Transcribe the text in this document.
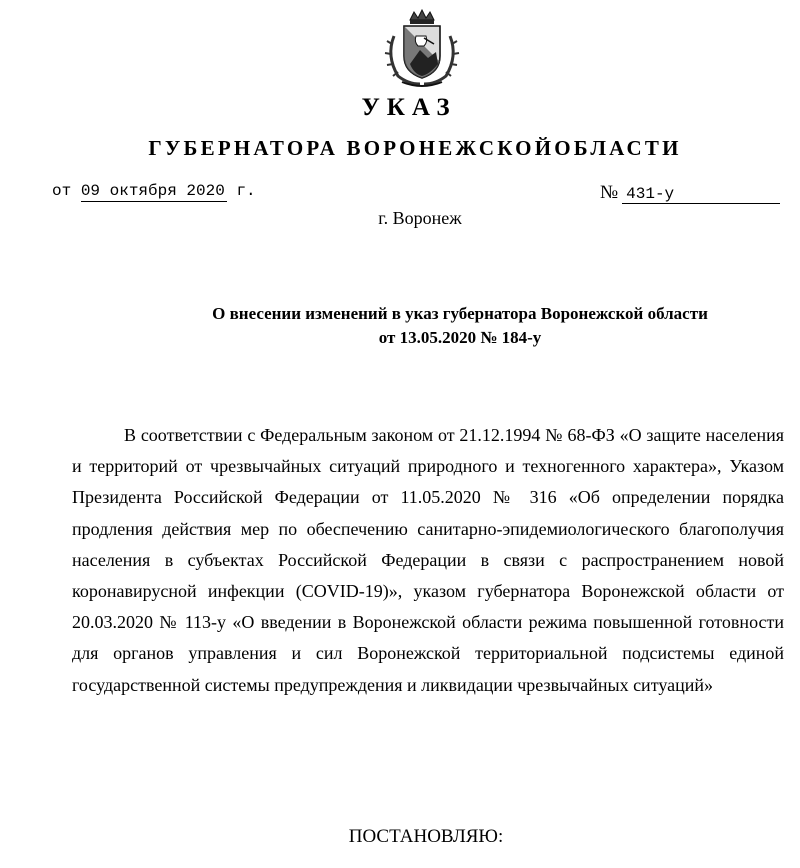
УКАЗ
ГУБЕРНАТОРА ВОРОНЕЖСКОЙОБЛАСТИ
от 09 октября 2020 г.	№ 431-у
г. Воронеж
О внесении изменений в указ губернатора Воронежской области
от 13.05.2020 № 184-у

В соответствии с Федеральным законом от 21.12.1994 № 68-ФЗ «О защите населения и территорий от чрезвычайных ситуаций природного и техногенного характера», Указом Президента Российской Федерации от 11.05.2020 № 316 «Об определении порядка продления действия мер по обеспечению санитарно-эпидемиологического благополучия населения в субъектах Российской Федерации в связи с распространением новой коронавирусной инфекции (COVID-19)», указом губернатора Воронежской области от 20.03.2020 № 113-у «О введении в Воронежской области режима повышенной готовности для органов управления и сил Воронежской территориальной подсистемы единой государственной системы предупреждения и ликвидации чрезвычайных ситуаций»

ПОСТАНОВЛЯЮ:
